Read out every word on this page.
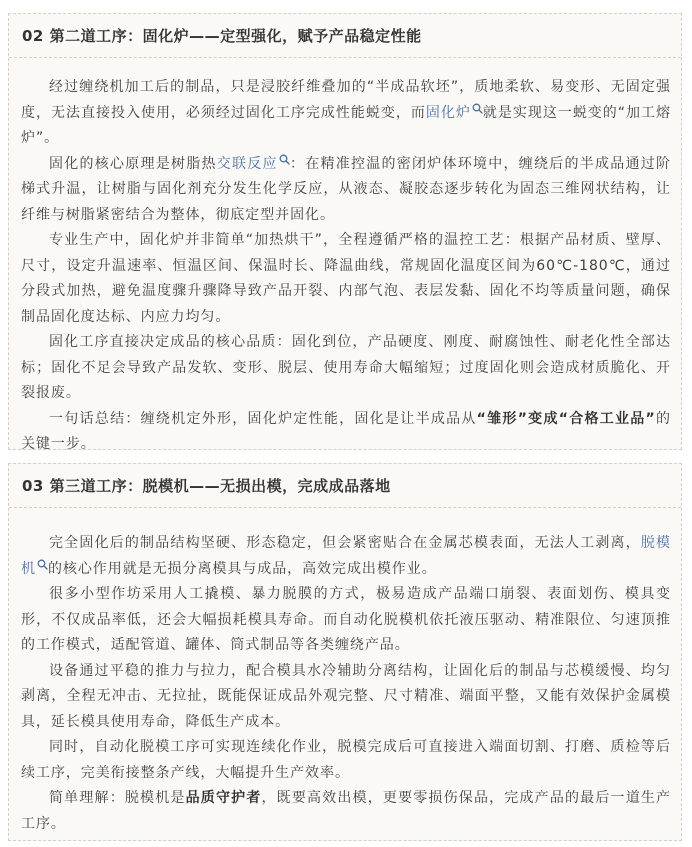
02 第二道工序：固化炉——定型强化，赋予产品稳定性能

经过缠绕机加工后的制品，只是浸胶纤维叠加的“半成品软坯”，质地柔软、易变形、无固定强度，无法直接投入使用，必须经过固化工序完成性能蜕变，而固化炉 就是实现这一蜕变的“加工熔炉”。

固化的核心原理是树脂热交联反应 ：在精准控温的密闭炉体环境中，缠绕后的半成品通过阶梯式升温，让树脂与固化剂充分发生化学反应，从液态、凝胶态逐步转化为固态三维网状结构，让纤维与树脂紧密结合为整体，彻底定型并固化。

专业生产中，固化炉并非简单“加热烘干”，全程遵循严格的温控工艺：根据产品材质、壁厚、尺寸，设定升温速率、恒温区间、保温时长、降温曲线，常规固化温度区间为60℃-180℃，通过分段式加热，避免温度骤升骤降导致产品开裂、内部气泡、表层发黏、固化不均等质量问题，确保制品固化度达标、内应力均匀。

固化工序直接决定成品的核心品质：固化到位，产品硬度、刚度、耐腐蚀性、耐老化性全部达标；固化不足会导致产品发软、变形、脱层、使用寿命大幅缩短；过度固化则会造成材质脆化、开裂报废。

一句话总结：缠绕机定外形，固化炉定性能，固化是让半成品从“雏形”变成“合格工业品”的关键一步。

03 第三道工序：脱模机——无损出模，完成成品落地

完全固化后的制品结构坚硬、形态稳定，但会紧密贴合在金属芯模表面，无法人工剥离，脱模机 的核心作用就是无损分离模具与成品，高效完成出模作业。

很多小型作坊采用人工撬模、暴力脱膜的方式，极易造成产品端口崩裂、表面划伤、模具变形，不仅成品率低，还会大幅损耗模具寿命。而自动化脱模机依托液压驱动、精准限位、匀速顶推的工作模式，适配管道、罐体、筒式制品等各类缠绕产品。

设备通过平稳的推力与拉力，配合模具水冷辅助分离结构，让固化后的制品与芯模缓慢、均匀剥离，全程无冲击、无拉扯，既能保证成品外观完整、尺寸精准、端面平整，又能有效保护金属模具，延长模具使用寿命，降低生产成本。

同时，自动化脱模工序可实现连续化作业，脱模完成后可直接进入端面切割、打磨、质检等后续工序，完美衔接整条产线，大幅提升生产效率。

简单理解：脱模机是品质守护者，既要高效出模，更要零损伤保品，完成产品的最后一道生产工序。
